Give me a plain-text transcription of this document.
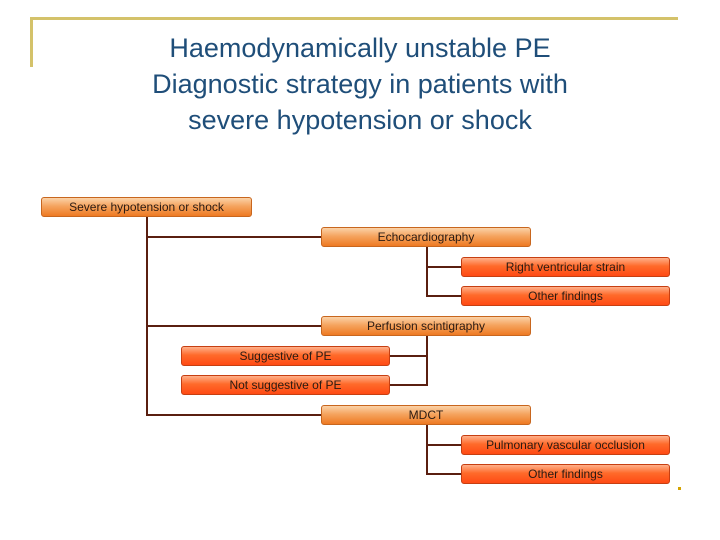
Haemodynamically unstable PE
Diagnostic strategy in patients with
severe hypotension or shock
Severe hypotension or shock
Echocardiography
Right ventricular strain
Other findings
Perfusion scintigraphy
Suggestive of PE
Not suggestive of PE
MDCT
Pulmonary vascular occlusion
Other findings
